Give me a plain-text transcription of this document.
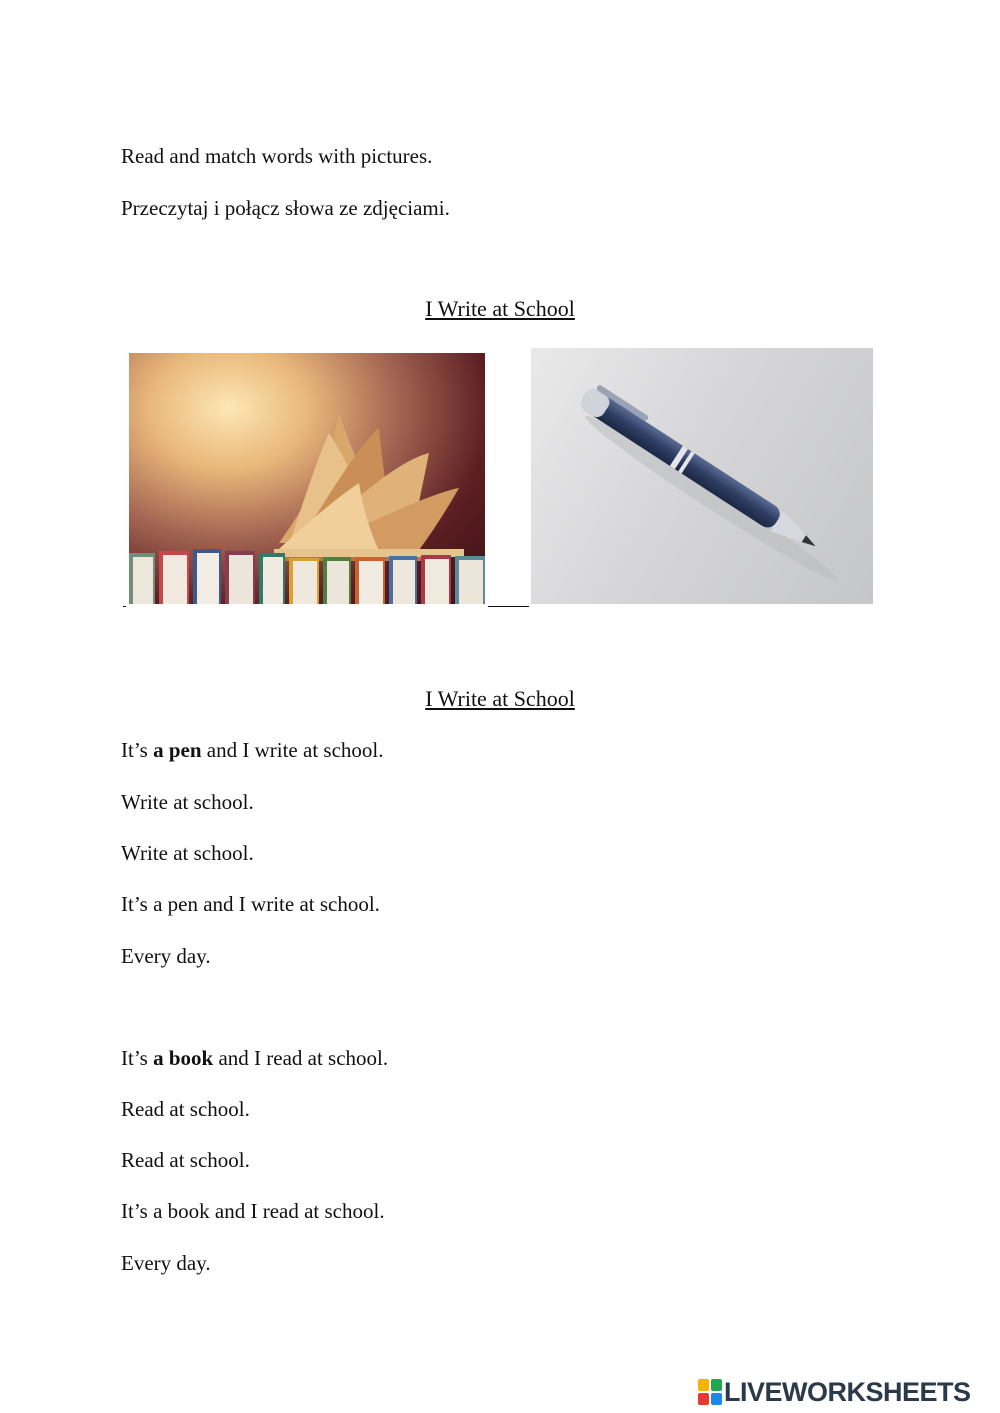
Read and match words with pictures.
Przeczytaj i połącz słowa ze zdjęciami.
I Write at School
I Write at School
It’s a pen and I write at school.
Write at school.
Write at school.
It’s a pen and I write at school.
Every day.
It’s a book and I read at school.
Read at school.
Read at school.
It’s a book and I read at school.
Every day.
LIVEWORKSHEETS
